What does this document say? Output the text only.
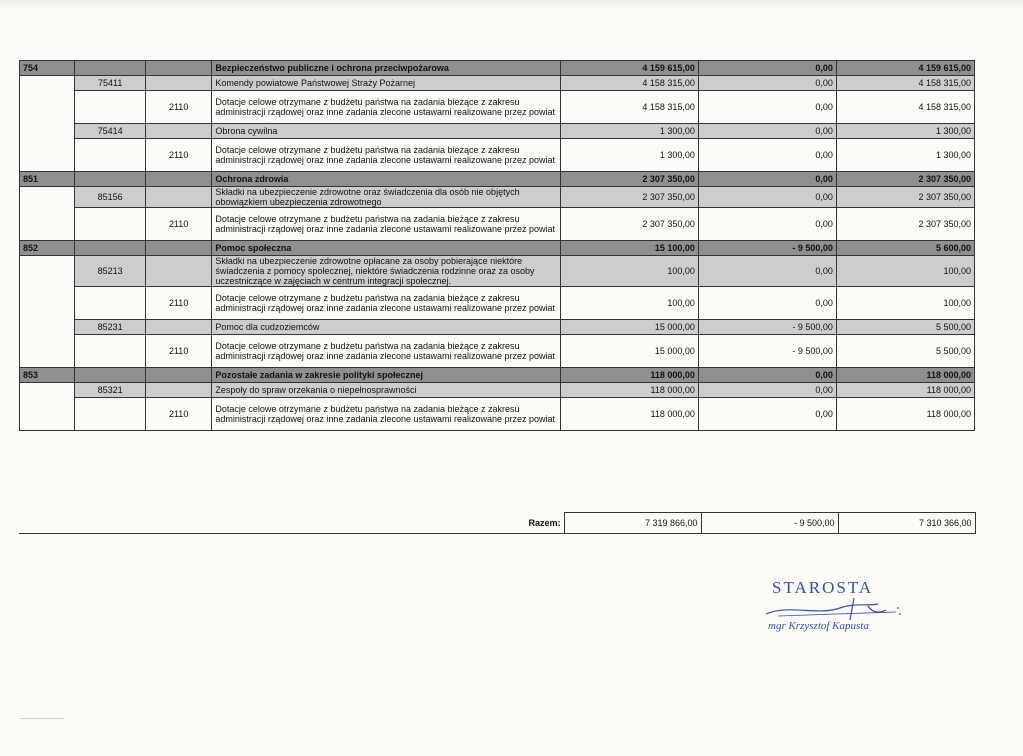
754			Bezpieczeństwo publiczne i ochrona przeciwpożarowa	4 159 615,00	0,00	4 159 615,00
	75411		Komendy powiatowe Państwowej Straży Pożarnej	4 158 315,00	0,00	4 158 315,00
		2110	Dotacje celowe otrzymane z budżetu państwa na zadania bieżące z zakresu administracji rządowej oraz inne zadania zlecone ustawami realizowane przez powiat	4 158 315,00	0,00	4 158 315,00
	75414		Obrona cywilna	1 300,00	0,00	1 300,00
		2110	Dotacje celowe otrzymane z budżetu państwa na zadania bieżące z zakresu administracji rządowej oraz inne zadania zlecone ustawami realizowane przez powiat	1 300,00	0,00	1 300,00
851			Ochrona zdrowia	2 307 350,00	0,00	2 307 350,00
	85156		Składki na ubezpieczenie zdrowotne oraz świadczenia dla osób nie objętych obowiązkiem ubezpieczenia zdrowotnego	2 307 350,00	0,00	2 307 350,00
		2110	Dotacje celowe otrzymane z budżetu państwa na zadania bieżące z zakresu administracji rządowej oraz inne zadania zlecone ustawami realizowane przez powiat	2 307 350,00	0,00	2 307 350,00
852			Pomoc społeczna	15 100,00	- 9 500,00	5 600,00
	85213		Składki na ubezpieczenie zdrowotne opłacane za osoby pobierające niektóre świadczenia z pomocy społecznej, niektóre świadczenia rodzinne oraz za osoby uczestniczące w zajęciach w centrum integracji społecznej.	100,00	0,00	100,00
		2110	Dotacje celowe otrzymane z budżetu państwa na zadania bieżące z zakresu administracji rządowej oraz inne zadania zlecone ustawami realizowane przez powiat	100,00	0,00	100,00
	85231		Pomoc dla cudzoziemców	15 000,00	- 9 500,00	5 500,00
		2110	Dotacje celowe otrzymane z budżetu państwa na zadania bieżące z zakresu administracji rządowej oraz inne zadania zlecone ustawami realizowane przez powiat	15 000,00	- 9 500,00	5 500,00
853			Pozostałe zadania w zakresie polityki społecznej	118 000,00	0,00	118 000,00
	85321		Zespoły do spraw orzekania o niepełnosprawności	118 000,00	0,00	118 000,00
		2110	Dotacje celowe otrzymane z budżetu państwa na zadania bieżące z zakresu administracji rządowej oraz inne zadania zlecone ustawami realizowane przez powiat	118 000,00	0,00	118 000,00
Razem:	7 319 866,00	- 9 500,00	7 310 366,00
STAROSTA
mgr Krzysztof Kapusta
